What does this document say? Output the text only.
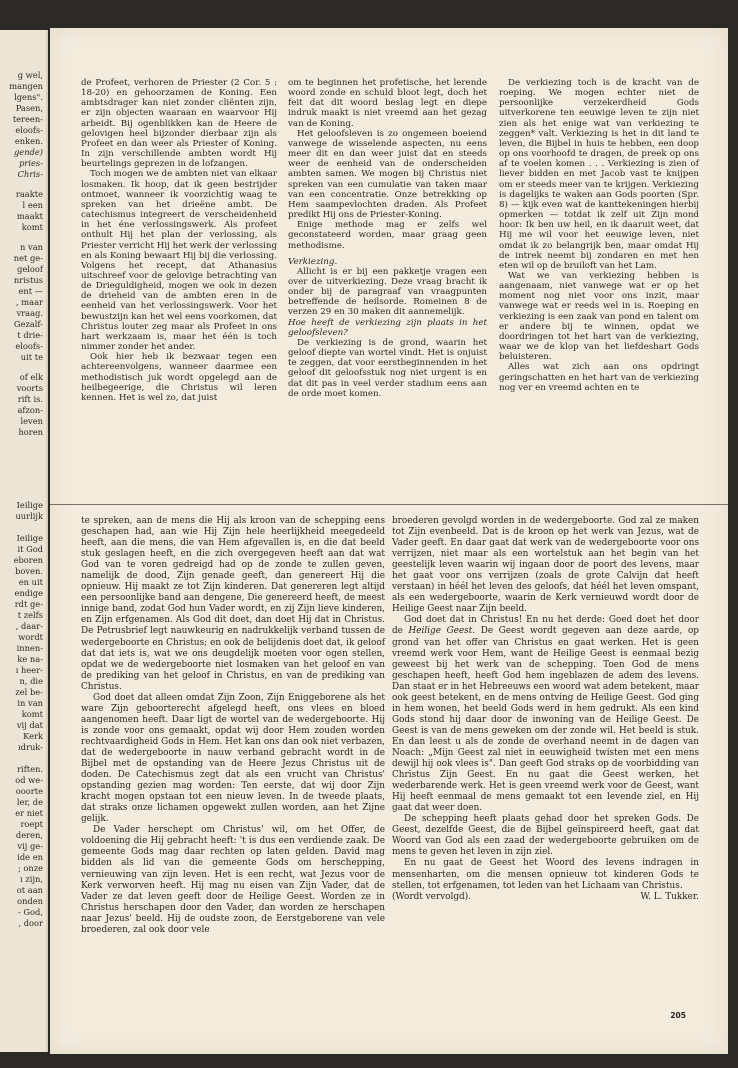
g wel,
mangen
lgens".
Pasen,
tereen-
eloofs-
enken.
gende)
pries-
Chris-
raakte
l een
maakt
komt
n van
net ge-
geloof
nristus
ent —
, maar
vraag.
Gezalf-
t drie-
eloofs-
uit te
of elk
voorts
rift is.
afzon-
leven
horen
Ieilige
uurlijk
Ieilige
it God
eboren
boven.
en uit
endige
rdt ge-
t zelfs
, daar-
wordt
innen-
ke na-
ı heer-
n, die
zel be-
in van
komt
vij dat
Kerk
ıdruk-
riften.
od we-
ooorte
ler, de
er niet
roept
deren,
vij ge-
ide en
; onze
ı zijn,
ot aan
onden
- God,
, door

de Profeet, verhoren de Priester (2 Cor. 5 : 18-20) en gehoorzamen de Koning. Een ambtsdrager kan niet zonder cliënten zijn, er zijn objecten waaraan en waarvoor Hij arbeidt. Bij ogenblikken kan de Heere de gelovigen heel bijzonder dierbaar zijn als Profeet en dan weer als Priester of Koning. In zijn verschillende ambten wordt Hij beurtelings geprezen in de lofzangen.

Toch mogen we de ambten niet van elkaar losmaken. Ik hoop, dat ik geen bestrijder ontmoet, wanneer ik voorzichtig waag te spreken van het drieëne ambt. De catechismus integreert de verscheidenheid in het éne verlossingswerk. Als profeet onthult Hij het plan der verlossing, als Priester verricht Hij het werk der verlossing en als Koning bewaart Hij bij die verlossing. Volgens het recept, dat Athanasius uitschreef voor de gelovige betrachting van de Drieguldigheid, mogen we ook in dezen de drieheid van de ambten eren in de eenheid van het verlossingswerk. Voor het bewustzijn kan het wel eens voorkomen, dat Christus louter zeg maar als Profeet in ons hart werkzaam is, maar het één is toch nimmer zonder het ander.

Ook hier heb ik bezwaar tegen een achtereenvolgens, wanneer daarmee een methodistisch juk wordt opgelegd aan de heilbegeerige, die Christus wil leren kennen. Het is wel zo, dat juist

om te beginnen het profetische, het lerende woord zonde en schuld bloot legt, doch het feit dat dit woord beslag legt en diepe indruk maakt is niet vreemd aan het gezag van de Koning.

Het geloofsleven is zo ongemeen boeiend vanwege de wisselende aspecten, nu eens meer dit en dan weer juist dat en steeds weer de eenheid van de onderscheiden ambten samen. We mogen bij Christus niet spreken van een cumulatie van taken maar van een concentratie. Onze betrekking op Hem saampevlochten draden. Als Profeet predikt Hij ons de Priester-Koning.

Enige methode mag er zelfs wel geconstateerd worden, maar graag geen methodisme.

Verkiezing.

Allicht is er bij een pakketje vragen een over de uitverkiezing. Deze vraag bracht ik onder bij de paragraaf van vraagpunten betreffende de heilsorde. Romeinen 8 de verzen 29 en 30 maken dit aannemelijk.

Hoe heeft de verkiezing zijn plaats in het geloofsleven?

De verkiezing is de grond, waarin het geloof diepte van wortel vindt. Het is onjuist te zeggen, dat voor eerstbeginnenden in het geloof dit geloofsstuk nog niet urgent is en dat dit pas in veel verder stadium eens aan de orde moet komen.

De verkiezing toch is de kracht van de roeping. We mogen echter niet de persoonlijke verzekerdheid Gods uitverkorene ten eeuwige leven te zijn niet zien als het enige wat van verkiezing te zeggen* valt. Verkiezing is het in dit land te leven, die Bijbel in huis te hebben, een doop op ons voorhoofd te dragen, de preek op ons af te voelen komen . . . Verkiezing is zien of liever bidden en met Jacob vast te knijpen om er steeds meer van te krijgen. Verkiezing is dagelijks te waken aan Gods poorten (Spr. 8) — kijk even wat de kanttekeningen hierbij opmerken — totdat ik zelf uit Zijn mond hoor: Ik ben uw heil, en ik daaruit weet, dat Hij me wil voor het eeuwige leven, niet omdat ik zo belangrijk ben, maar omdat Hij de intrek neemt bij zondaren en met hen eten wil op de bruiloft van het Lam.

Wat we van verkiezing hebben is aangenaam, niet vanwege wat er op het moment nog niet voor ons inzit, maar vanwege wat er reeds wel in is. Roeping en verkiezing is een zaak van pond en talent om er andere bij te winnen, opdat we doordringen tot het hart van de verkiezing, waar we de klop van het liefdeshart Gods beluisteren.

Alles wat zich aan ons opdringt geringschatten en het hart van de verkiezing nog ver en vreemd achten en te

te spreken, aan de mens die Hij als kroon van de schepping eens geschapen had, aan wie Hij Zijn hele heerlijkheid meegedeeld heeft, aan die mens, die van Hem afgevallen is, en die dat beeld stuk geslagen heeft, en die zich overgegeven heeft aan dat wat God van te voren gedreigd had op de zonde te zullen geven, namelijk de dood, Zijn genade geeft, dan genereert Hij die opnieuw. Hij maakt ze tot Zijn kinderen. Dat genereren legt altijd een persoonlijke band aan dengene, Die genereerd heeft, de meest innige band, zodat God hun Vader wordt, en zij Zijn lieve kinderen, en Zijn erfgenamen. Als God dit doet, dan doet Hij dat in Christus. De Petrusbrief legt nauwkeurig en nadrukkelijk verband tussen de wedergeboorte en Christus; en ook de belijdenis doet dat, ik geloof dat dat iets is, wat we ons deugdelijk moeten voor ogen stellen, opdat we de wedergeboorte niet losmaken van het geloof en van de prediking van het geloof in Christus, en van de prediking van Christus.

God doet dat alleen omdat Zijn Zoon, Zijn Eniggeborene als het ware Zijn geboorterecht afgelegd heeft, ons vlees en bloed aangenomen heeft. Daar ligt de wortel van de wedergeboorte. Hij is zonde voor ons gemaakt, opdat wij door Hem zouden worden rechtvaardigheid Gods in Hem. Het kan ons dan ook niet verbazen, dat de wedergeboorte in nauw verband gebracht wordt in de Bijbel met de opstanding van de Heere Jezus Christus uit de doden. De Catechismus zegt dat als een vrucht van Christus' opstanding gezien mag worden: Ten eerste, dat wij door Zijn kracht mogen opstaan tot een nieuw leven. In de tweede plaats, dat straks onze lichamen opgewekt zullen worden, aan het Zijne gelijk.

De Vader herschept om Christus' wil, om het Offer, de voldoening die Hij gebracht heeft: 't is dus een verdiende zaak. De gemeente Gods mag daar rechten op laten gelden. David mag bidden als lid van die gemeente Gods om herschepping, vernieuwing van zijn leven. Het is een recht, wat Jezus voor de Kerk verworven heeft. Hij mag nu eisen van Zijn Vader, dat de Vader ze dat leven geeft door de Heilige Geest. Worden ze in Christus herschapen door den Vader, dan worden ze herschapen naar Jezus' beeld. Hij de oudste zoon, de Eerstgeborene van vele broederen, zal ook door vele

broederen gevolgd worden in de wedergeboorte. God zal ze maken tot Zijn evenbeeld. Dat is de kroon op het werk van Jezus, wat de Vader geeft. En daar gaat dat werk van de wedergeboorte voor ons verrijzen, niet maar als een wortelstuk aan het begin van het geestelijk leven waarin wij ingaan door de poort des levens, maar het gaat voor ons verrijzen (zoals de grote Calvijn dat heeft verstaan) in héél het leven des geloofs, dat héél het leven omspant, als een wedergeboorte, waarin de Kerk vernieuwd wordt door de Heilige Geest naar Zijn beeld.

God doet dat in Christus! En nu het derde: Goed doet het door de Heilige Geest. De Geest wordt gegeven aan deze aarde, op grond van het offer van Christus en gaat werken. Het is geen vreemd werk voor Hem, want de Heilige Geest is eenmaal bezig geweest bij het werk van de schepping. Toen God de mens geschapen heeft, heeft God hem ingeblazen de adem des levens. Dan staat er in het Hebreeuws een woord wat adem betekent, maar ook geest betekent, en de mens ontving de Heilige Geest. God ging in hem wonen, het beeld Gods werd in hem gedrukt. Als een kind Gods stond hij daar door de inwoning van de Heilige Geest. De Geest is van de mens geweken om der zonde wil. Het beeld is stuk. En dan leest u als de zonde de overhand neemt in de dagen van Noach: „Mijn Geest zal niet in eeuwigheid twisten met een mens dewijl hij ook vlees is". Dan geeft God straks op de voorbidding van Christus Zijn Geest. En nu gaat die Geest werken, het wederbarende werk. Het is geen vreemd werk voor de Geest, want Hij heeft eenmaal de mens gemaakt tot een levende ziel, en Hij gaat dat weer doen.

De schepping heeft plaats gehad door het spreken Gods. De Geest, dezelfde Geest, die de Bijbel geïnspireerd heeft, gaat dat Woord van God als een zaad der wedergeboorte gebruiken om de mens te geven het leven in zijn ziel.

En nu gaat de Geest het Woord des levens indragen in mensenharten, om die mensen opnieuw tot kinderen Gods te stellen, tot erfgenamen, tot leden van het Lichaam van Christus.

(Wordt vervolgd).	W. L. Tukker.
205
